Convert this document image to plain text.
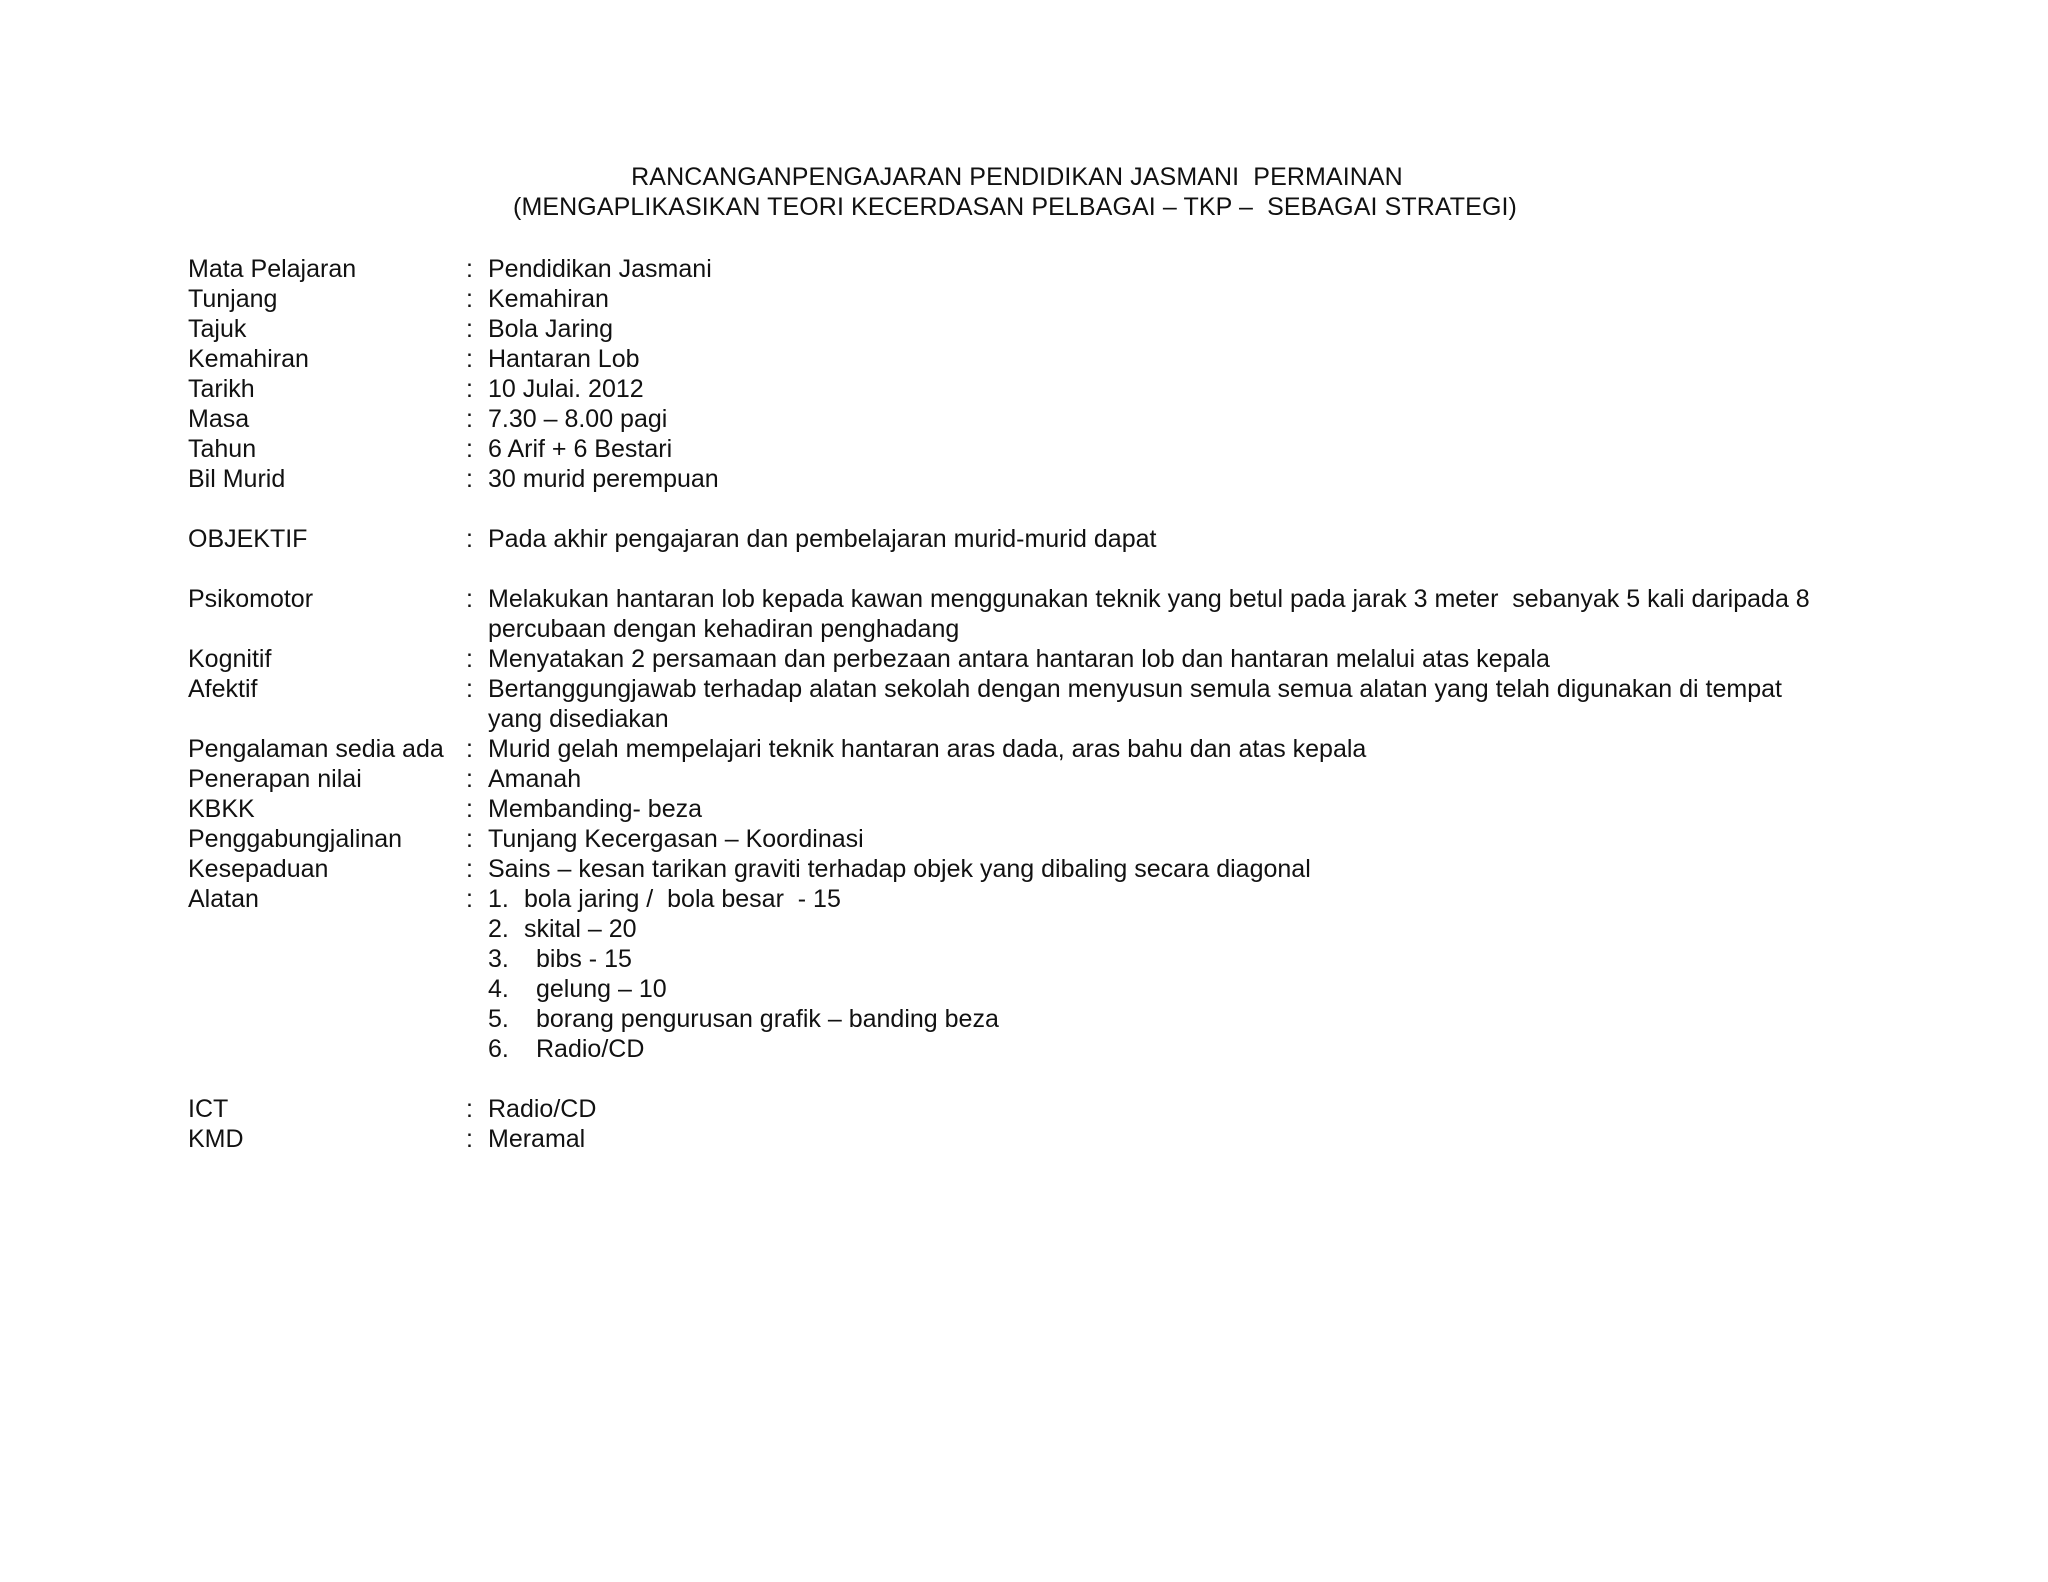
RANCANGANPENGAJARAN PENDIDIKAN JASMANI  PERMAINAN
(MENGAPLIKASIKAN TEORI KECERDASAN PELBAGAI – TKP –  SEBAGAI STRATEGI)
Mata Pelajaran	: Pendidikan Jasmani
Tunjang	: Kemahiran
Tajuk	: Bola Jaring
Kemahiran	: Hantaran Lob
Tarikh	: 10 Julai. 2012
Masa	: 7.30 – 8.00 pagi
Tahun	: 6 Arif + 6 Bestari
Bil Murid	: 30 murid perempuan
OBJEKTIF	: Pada akhir pengajaran dan pembelajaran murid-murid dapat
Psikomotor	: Melakukan hantaran lob kepada kawan menggunakan teknik yang betul pada jarak 3 meter  sebanyak 5 kali daripada 8
percubaan dengan kehadiran penghadang
Kognitif	: Menyatakan 2 persamaan dan perbezaan antara hantaran lob dan hantaran melalui atas kepala
Afektif	: Bertanggungjawab terhadap alatan sekolah dengan menyusun semula semua alatan yang telah digunakan di tempat
yang disediakan
Pengalaman sedia ada : Murid gelah mempelajari teknik hantaran aras dada, aras bahu dan atas kepala
Penerapan nilai	: Amanah
KBKK	: Membanding- beza
Penggabungjalinan	: Tunjang Kecergasan – Koordinasi
Kesepaduan	: Sains – kesan tarikan graviti terhadap objek yang dibaling secara diagonal
Alatan	: 1. bola jaring /  bola besar  - 15
2. skital – 20
3. bibs - 15
4. gelung – 10
5. borang pengurusan grafik – banding beza
6. Radio/CD
ICT	: Radio/CD
KMD	: Meramal
